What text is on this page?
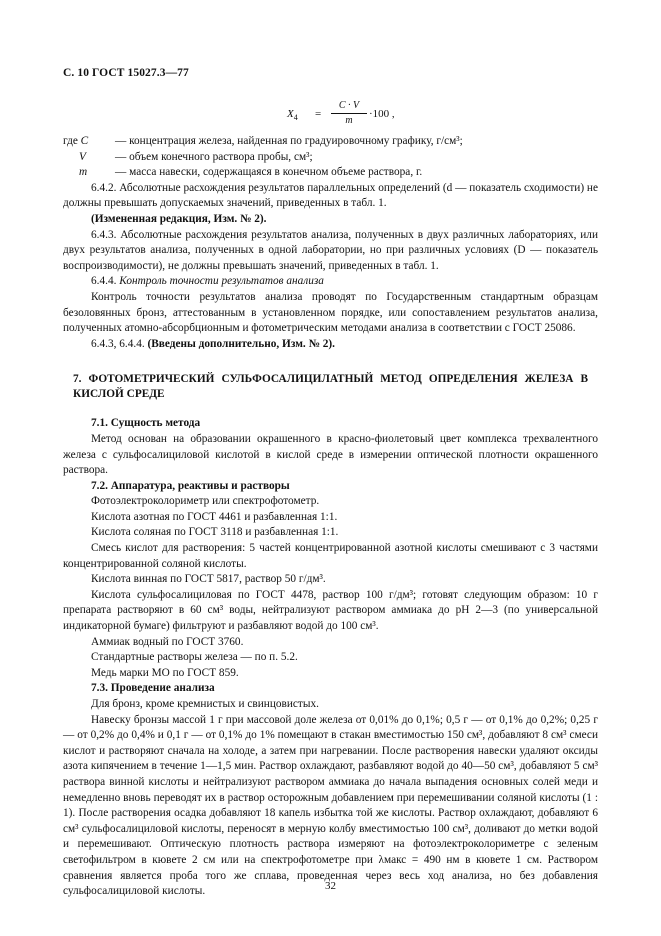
С. 10 ГОСТ 15027.3—77
$X_4 = \frac{C \cdot V}{m} \cdot 100$ ,
где C	— концентрация железа, найденная по градуировочному графику, г/см³;
V	— объем конечного раствора пробы, см³;
m	— масса навески, содержащаяся в конечном объеме раствора, г.

6.4.2. Абсолютные расхождения результатов параллельных определений (d — показатель сходимости) не должны превышать допускаемых значений, приведенных в табл. 1.

(Измененная редакция, Изм. № 2).

6.4.3. Абсолютные расхождения результатов анализа, полученных в двух различных лабораториях, или двух результатов анализа, полученных в одной лаборатории, но при различных условиях (D — показатель воспроизводимости), не должны превышать значений, приведенных в табл. 1.

6.4.4. Контроль точности результатов анализа

Контроль точности результатов анализа проводят по Государственным стандартным образцам безоловянных бронз, аттестованным в установленном порядке, или сопоставлением результатов анализа, полученных атомно-абсорбционным и фотометрическим методами анализа в соответствии с ГОСТ 25086.

6.4.3, 6.4.4. (Введены дополнительно, Изм. № 2).

7. ФОТОМЕТРИЧЕСКИЙ СУЛЬФОСАЛИЦИЛАТНЫЙ МЕТОД ОПРЕДЕЛЕНИЯ ЖЕЛЕЗА В КИСЛОЙ СРЕДЕ

7.1. Сущность метода

Метод основан на образовании окрашенного в красно-фиолетовый цвет комплекса трехвалентного железа с сульфосалициловой кислотой в кислой среде в измерении оптической плотности окрашенного раствора.

7.2. Аппаратура, реактивы и растворы

Фотоэлектроколориметр или спектрофотометр.

Кислота азотная по ГОСТ 4461 и разбавленная 1:1.

Кислота соляная по ГОСТ 3118 и разбавленная 1:1.

Смесь кислот для растворения: 5 частей концентрированной азотной кислоты смешивают с 3 частями концентрированной соляной кислоты.

Кислота винная по ГОСТ 5817, раствор 50 г/дм³.

Кислота сульфосалициловая по ГОСТ 4478, раствор 100 г/дм³; готовят следующим образом: 10 г препарата растворяют в 60 см³ воды, нейтрализуют раствором аммиака до pH 2—3 (по универсальной индикаторной бумаге) фильтруют и разбавляют водой до 100 см³.

Аммиак водный по ГОСТ 3760.

Стандартные растворы железа — по п. 5.2.

Медь марки МО по ГОСТ 859.

7.3. Проведение анализа

Для бронз, кроме кремнистых и свинцовистых.

Навеску бронзы массой 1 г при массовой доле железа от 0,01% до 0,1%; 0,5 г — от 0,1% до 0,2%; 0,25 г — от 0,2% до 0,4% и 0,1 г — от 0,1% до 1% помещают в стакан вместимостью 150 см³, добавляют 8 см³ смеси кислот и растворяют сначала на холоде, а затем при нагревании. После растворения навески удаляют оксиды азота кипячением в течение 1—1,5 мин. Раствор охлаждают, разбавляют водой до 40—50 см³, добавляют 5 см³ раствора винной кислоты и нейтрализуют раствором аммиака до начала выпадения основных солей меди и немедленно вновь переводят их в раствор осторожным добавлением при перемешивании соляной кислоты (1 : 1). После растворения осадка добавляют 18 капель избытка той же кислоты. Раствор охлаждают, добавляют 6 см³ сульфосалициловой кислоты, переносят в мерную колбу вместимостью 100 см³, доливают до метки водой и перемешивают. Оптическую плотность раствора измеряют на фотоэлектроколориметре с зеленым светофильтром в кювете 2 см или на спектрофотометре при λмакс = 490 нм в кювете 1 см. Раствором сравнения является проба того же сплава, проведенная через весь ход анализа, но без добавления сульфосалициловой кислоты.	32
